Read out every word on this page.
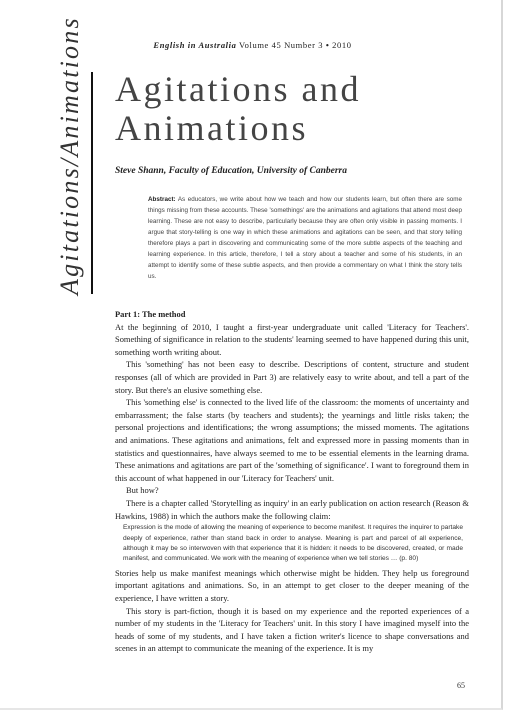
English in Australia Volume 45 Number 3 • 2010
Agitations/Animations Agitations and
Animations
Steve Shann, Faculty of Education, University of Canberra
Abstract: As educators, we write about how we teach and how our students learn, but often there are some things missing from these accounts. These 'somethings' are the animations and agitations that attend most deep learning. These are not easy to describe, particularly because they are often only visible in passing moments. I argue that story-telling is one way in which these animations and agitations can be seen, and that story telling therefore plays a part in discovering and communicating some of the more subtle aspects of the teaching and learning experience. In this article, therefore, I tell a story about a teacher and some of his students, in an attempt to identify some of these subtle aspects, and then provide a commentary on what I think the story tells us.

Part 1: The method

At the beginning of 2010, I taught a first-year undergraduate unit called 'Literacy for Teachers'. Something of significance in relation to the students' learning seemed to have happened during this unit, something worth writing about.

This 'something' has not been easy to describe. Descriptions of content, structure and student responses (all of which are provided in Part 3) are relatively easy to write about, and tell a part of the story. But there's an elusive something else.

This 'something else' is connected to the lived life of the classroom: the moments of uncertainty and embarrassment; the false starts (by teachers and students); the yearnings and little risks taken; the personal projections and identifications; the wrong assumptions; the missed moments. The agitations and animations. These agitations and animations, felt and expressed more in passing moments than in statistics and questionnaires, have always seemed to me to be essential elements in the learning drama. These animations and agitations are part of the 'something of significance'. I want to foreground them in this account of what happened in our 'Literacy for Teachers' unit.

But how?

There is a chapter called 'Storytelling as inquiry' in an early publication on action research (Reason & Hawkins, 1988) in which the authors make the following claim:

Expression is the mode of allowing the meaning of experience to become manifest. It requires the inquirer to partake deeply of experience, rather than stand back in order to analyse. Meaning is part and parcel of all experience, although it may be so interwoven with that experience that it is hidden: it needs to be discovered, created, or made manifest, and communicated. We work with the meaning of experience when we tell stories … (p. 80)

Stories help us make manifest meanings which otherwise might be hidden. They help us foreground important agitations and animations. So, in an attempt to get closer to the deeper meaning of the experience, I have written a story.

This story is part-fiction, though it is based on my experience and the reported experiences of a number of my students in the 'Literacy for Teachers' unit. In this story I have imagined myself into the heads of some of my students, and I have taken a fiction writer's licence to shape conversations and scenes in an attempt to communicate the meaning of the experience. It is my

65
